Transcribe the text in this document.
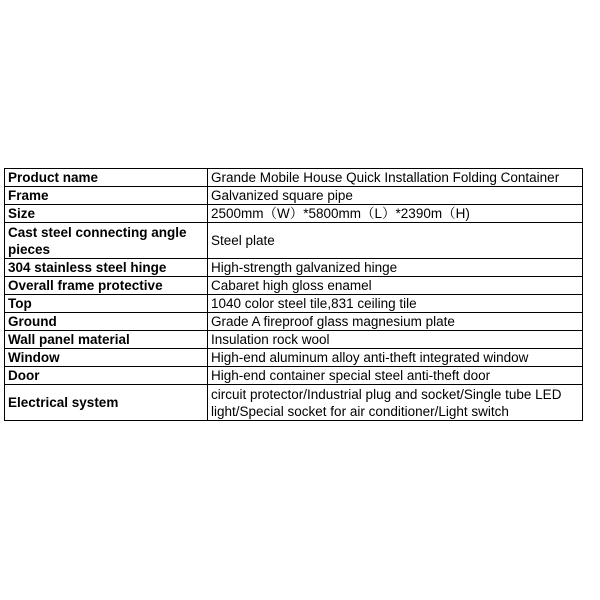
Product name	Grande Mobile House Quick Installation Folding Container
Frame	Galvanized square pipe
Size	2500mm（W）*5800mm（L）*2390m（H)
Cast steel connecting angle pieces	Steel plate
304 stainless steel hinge	High-strength galvanized hinge
Overall frame protective	Cabaret high gloss enamel
Top	1040 color steel tile,831 ceiling tile
Ground	Grade A fireproof glass magnesium plate
Wall panel material	Insulation rock wool
Window	High-end aluminum alloy anti-theft integrated window
Door	High-end container special steel anti-theft door
Electrical system	circuit protector/Industrial plug and socket/Single tube LED light/Special socket for air conditioner/Light switch
